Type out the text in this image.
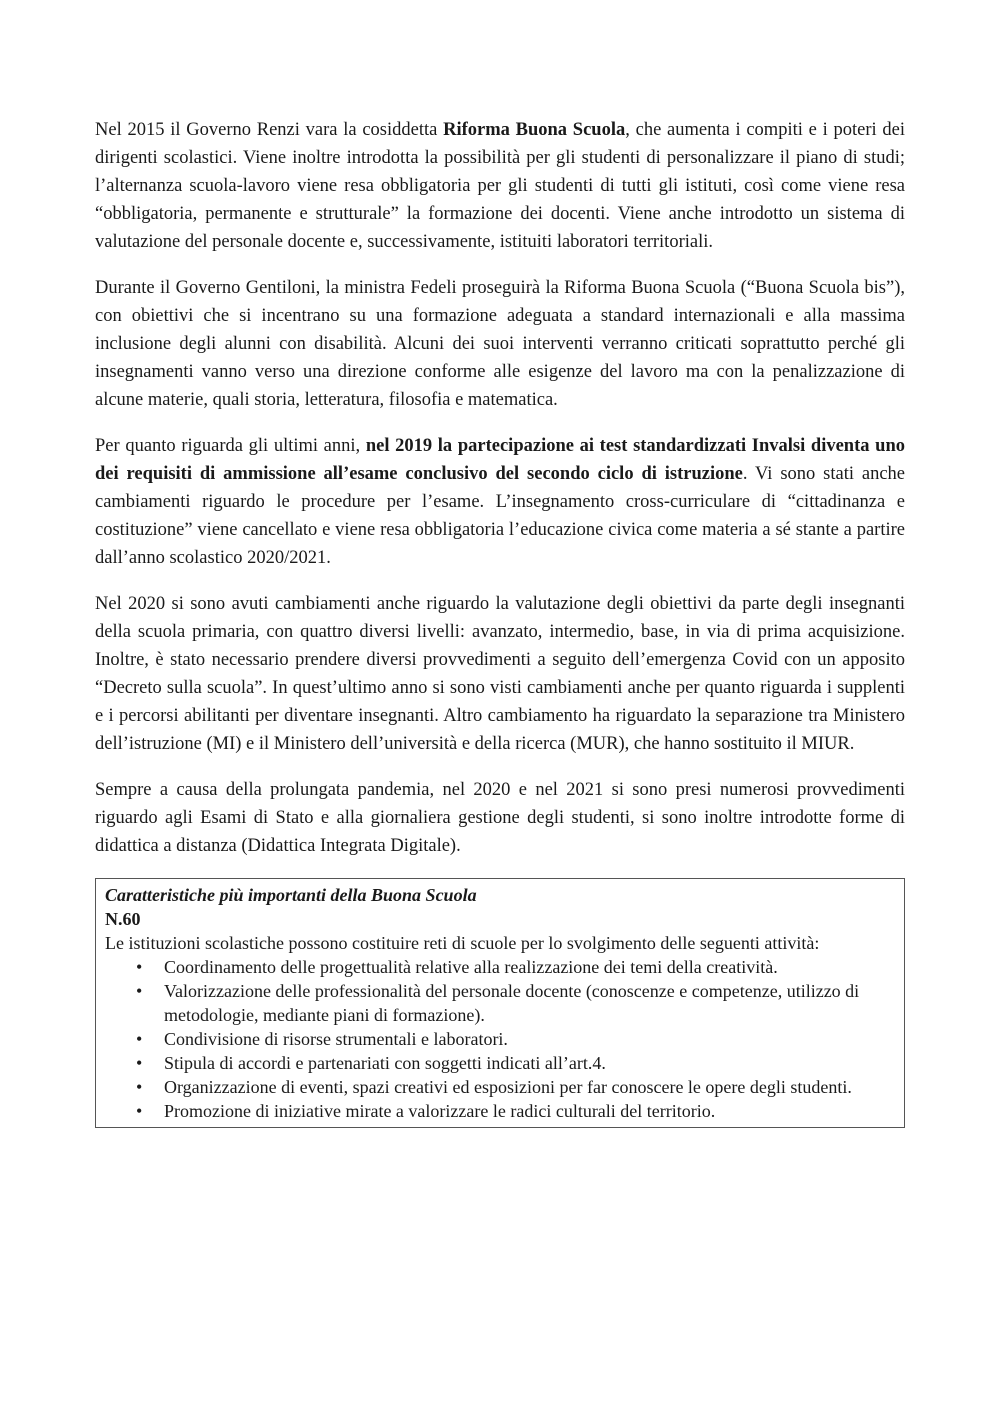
Nel 2015 il Governo Renzi vara la cosiddetta Riforma Buona Scuola, che aumenta i compiti e i poteri dei dirigenti scolastici. Viene inoltre introdotta la possibilità per gli studenti di personalizzare il piano di studi; l’alternanza scuola-lavoro viene resa obbligatoria per gli studenti di tutti gli istituti, così come viene resa “obbligatoria, permanente e strutturale” la formazione dei docenti. Viene anche introdotto un sistema di valutazione del personale docente e, successivamente, istituiti laboratori territoriali.

Durante il Governo Gentiloni, la ministra Fedeli proseguirà la Riforma Buona Scuola (“Buona Scuola bis”), con obiettivi che si incentrano su una formazione adeguata a standard internazionali e alla massima inclusione degli alunni con disabilità. Alcuni dei suoi interventi verranno criticati soprattutto perché gli insegnamenti vanno verso una direzione conforme alle esigenze del lavoro ma con la penalizzazione di alcune materie, quali storia, letteratura, filosofia e matematica.

Per quanto riguarda gli ultimi anni, nel 2019 la partecipazione ai test standardizzati Invalsi diventa uno dei requisiti di ammissione all’esame conclusivo del secondo ciclo di istruzione. Vi sono stati anche cambiamenti riguardo le procedure per l’esame. L’insegnamento cross-curriculare di “cittadinanza e costituzione” viene cancellato e viene resa obbligatoria l’educazione civica come materia a sé stante a partire dall’anno scolastico 2020/2021.

Nel 2020 si sono avuti cambiamenti anche riguardo la valutazione degli obiettivi da parte degli insegnanti della scuola primaria, con quattro diversi livelli: avanzato, intermedio, base, in via di prima acquisizione. Inoltre, è stato necessario prendere diversi provvedimenti a seguito dell’emergenza Covid con un apposito “Decreto sulla scuola”. In quest’ultimo anno si sono visti cambiamenti anche per quanto riguarda i supplenti e i percorsi abilitanti per diventare insegnanti. Altro cambiamento ha riguardato la separazione tra Ministero dell’istruzione (MI) e il Ministero dell’università e della ricerca (MUR), che hanno sostituito il MIUR.

Sempre a causa della prolungata pandemia, nel 2020 e nel 2021 si sono presi numerosi provvedimenti riguardo agli Esami di Stato e alla giornaliera gestione degli studenti, si sono inoltre introdotte forme di didattica a distanza (Didattica Integrata Digitale).

Caratteristiche più importanti della Buona Scuola
N.60
Le istituzioni scolastiche possono costituire reti di scuole per lo svolgimento delle seguenti attività:
• Coordinamento delle progettualità relative alla realizzazione dei temi della creatività.
• Valorizzazione delle professionalità del personale docente (conoscenze e competenze, utilizzo di metodologie, mediante piani di formazione).
• Condivisione di risorse strumentali e laboratori.
• Stipula di accordi e partenariati con soggetti indicati all’art.4.
• Organizzazione di eventi, spazi creativi ed esposizioni per far conoscere le opere degli studenti.
• Promozione di iniziative mirate a valorizzare le radici culturali del territorio.
